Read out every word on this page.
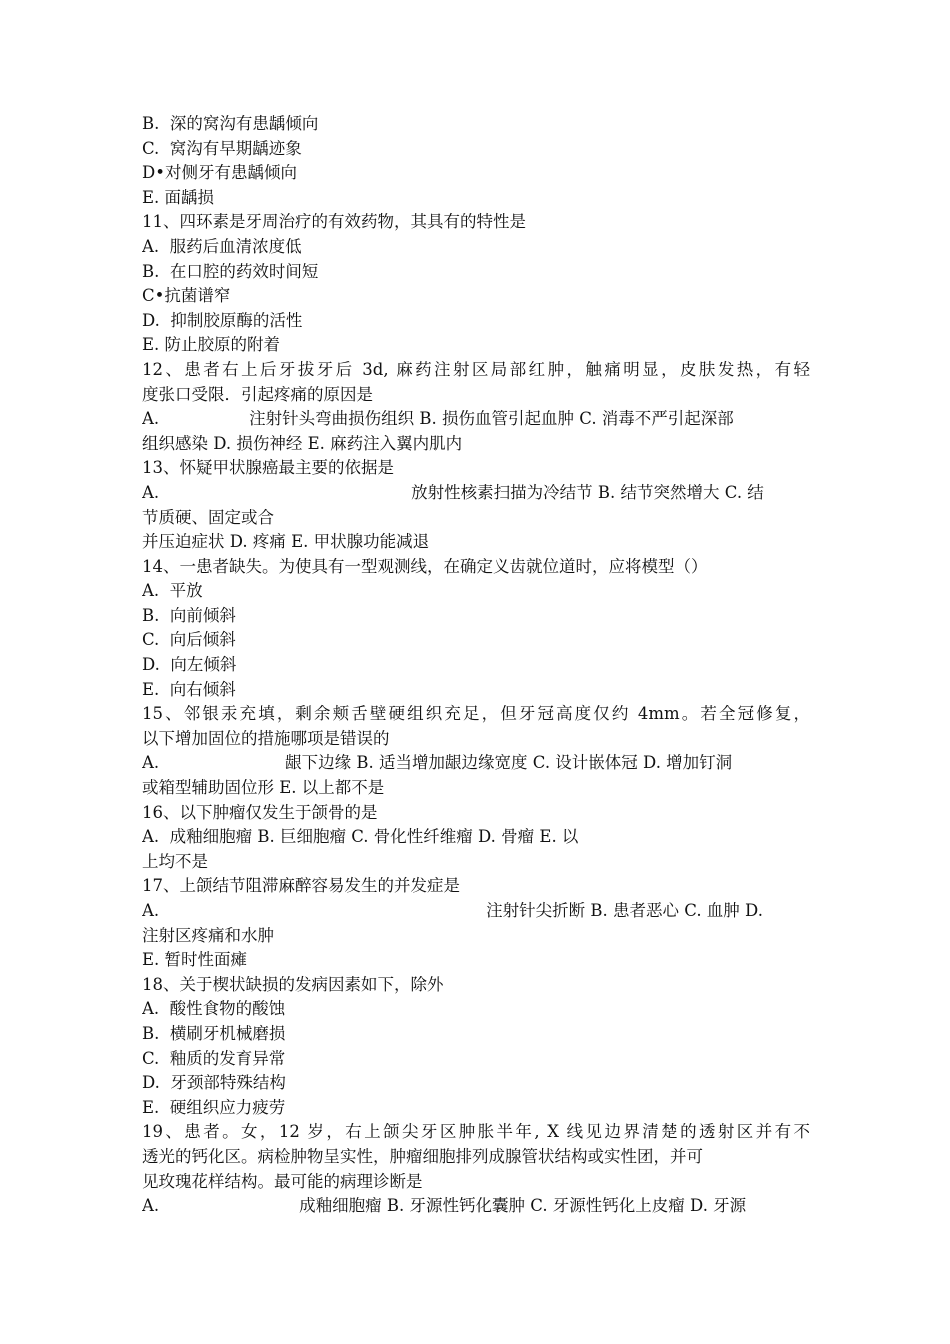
B.  深的窝沟有患龋倾向
C.  窝沟有早期龋迹象
D•对侧牙有患龋倾向
E. 面龋损
11、四环素是牙周治疗的有效药物，其具有的特性是
A.  服药后血清浓度低
B.  在口腔的药效时间短
C•抗菌谱窄
D.  抑制胶原酶的活性
E. 防止胶原的附着
12、患者右上后牙拔牙后 3d, 麻药注射区局部红肿，触痛明显，皮肤发热，有轻
度张口受限．引起疼痛的原因是
A.	注射针头弯曲损伤组织 B. 损伤血管引起血肿 C. 消毒不严引起深部
组织感染 D. 损伤神经 E. 麻药注入翼内肌内
13、怀疑甲状腺癌最主要的依据是
A.	放射性核素扫描为冷结节 B. 结节突然增大 C. 结
节质硬、固定或合
并压迫症状 D. 疼痛 E. 甲状腺功能减退
14、一患者缺失。为使具有一型观测线，在确定义齿就位道时，应将模型（）
A.  平放
B.  向前倾斜
C.  向后倾斜
D.  向左倾斜
E.  向右倾斜
15、邻银汞充填，剩余颊舌壁硬组织充足，但牙冠高度仅约 4mm。若全冠修复，
以下增加固位的措施哪项是错误的
A.	龈下边缘 B. 适当增加龈边缘宽度 C. 设计嵌体冠 D. 增加钉洞
或箱型辅助固位形 E. 以上都不是
16、以下肿瘤仅发生于颌骨的是
A.  成釉细胞瘤 B. 巨细胞瘤 C. 骨化性纤维瘤 D. 骨瘤 E. 以
上均不是
17、上颌结节阻滞麻醉容易发生的并发症是
A.	注射针尖折断 B. 患者恶心 C. 血肿 D.
注射区疼痛和水肿
E. 暂时性面瘫
18、关于楔状缺损的发病因素如下，除外
A.  酸性食物的酸蚀
B.  横刷牙机械磨损
C.  釉质的发育异常
D.  牙颈部特殊结构
E.  硬组织应力疲劳
19、患者。女，12 岁，右上颌尖牙区肿胀半年, X 线见边界清楚的透射区并有不
透光的钙化区。病检肿物呈实性，肿瘤细胞排列成腺管状结构或实性团，并可
见玫瑰花样结构。最可能的病理诊断是
A.	成釉细胞瘤 B. 牙源性钙化囊肿 C. 牙源性钙化上皮瘤 D. 牙源
